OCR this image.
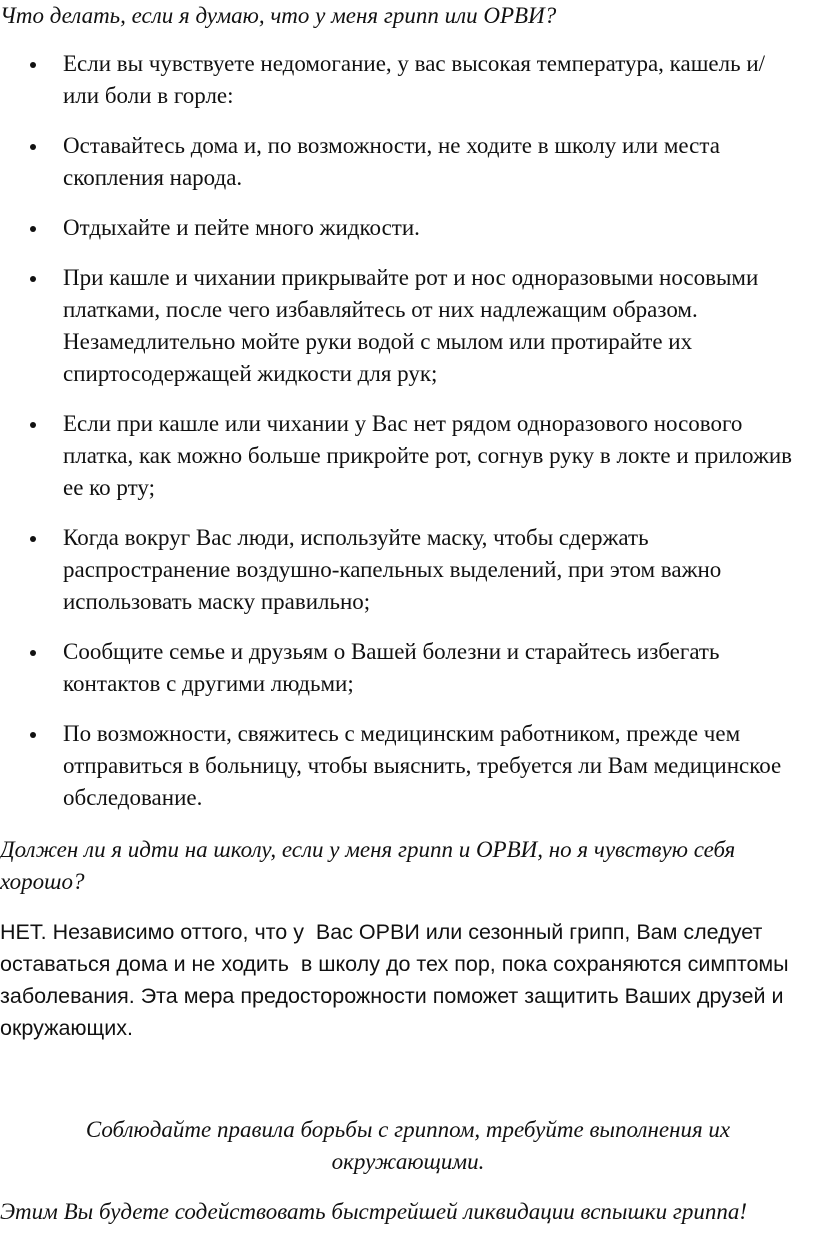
Что делать, если я думаю, что у меня грипп или ОРВИ?

Если вы чувствуете недомогание, у вас высокая температура, кашель и/или боли в горле:
Оставайтесь дома и, по возможности, не ходите в школу или места скопления народа.
Отдыхайте и пейте много жидкости.
При кашле и чихании прикрывайте рот и нос одноразовыми носовыми платками, после чего избавляйтесь от них надлежащим образом. Незамедлительно мойте руки водой с мылом или протирайте их спиртосодержащей жидкости для рук;
Если при кашле или чихании у Вас нет рядом одноразового носового платка, как можно больше прикройте рот, согнув руку в локте и приложив ее ко рту;
Когда вокруг Вас люди, используйте маску, чтобы сдержать распространение воздушно-капельных выделений, при этом важно использовать маску правильно;
Сообщите семье и друзьям о Вашей болезни и старайтесь избегать контактов с другими людьми;
По возможности, свяжитесь с медицинским работником, прежде чем отправиться в больницу, чтобы выяснить, требуется ли Вам медицинское обследование.

Должен ли я идти на школу, если у меня грипп и ОРВИ, но я чувствую себя хорошо?

НЕТ. Независимо оттого, что у  Вас ОРВИ или сезонный грипп, Вам следует оставаться дома и не ходить  в школу до тех пор, пока сохраняются симптомы заболевания. Эта мера предосторожности поможет защитить Ваших друзей и окружающих.

Соблюдайте правила борьбы с гриппом, требуйте выполнения их окружающими.

Этим Вы будете содействовать быстрейшей ликвидации вспышки гриппа!
